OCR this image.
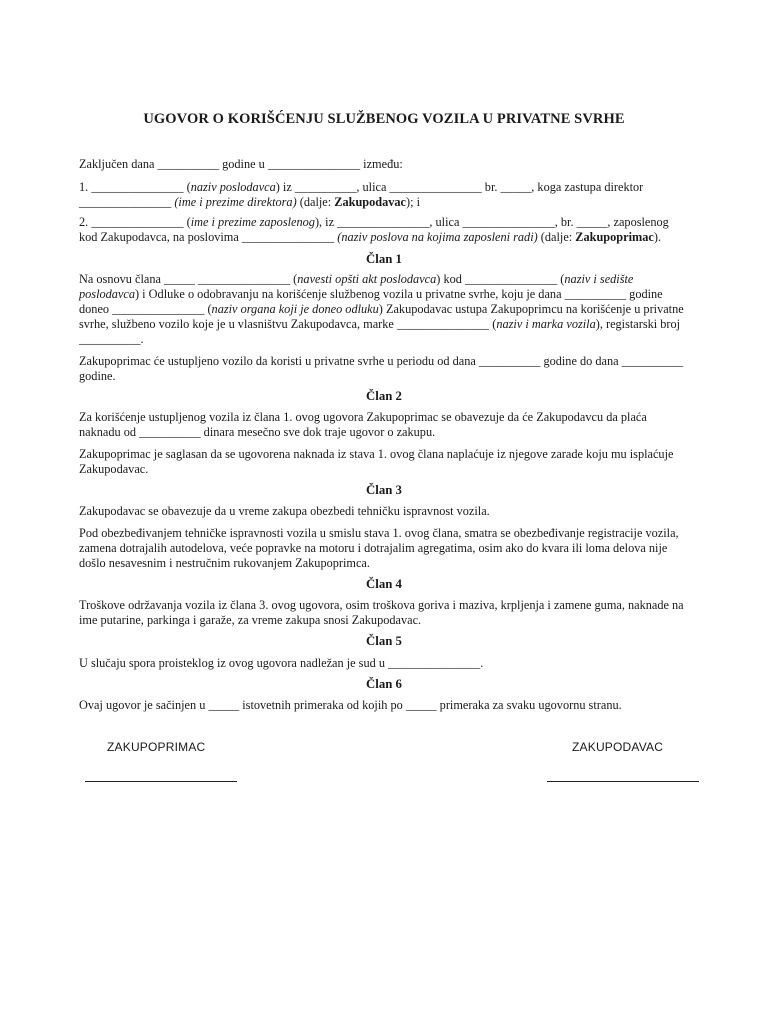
UGOVOR O KORIŠĆENJU SLUŽBENOG VOZILA U PRIVATNE SVRHE
Zaključen dana __________ godine u _______________ između:
1. _______________ (naziv poslodavca) iz __________, ulica _______________ br. _____, koga zastupa direktor
_______________ (ime i prezime direktora) (dalje: Zakupodavac); i
2. _______________ (ime i prezime zaposlenog), iz _______________, ulica _______________, br. _____, zaposlenog
kod Zakupodavca, na poslovima _______________ (naziv poslova na kojima zaposleni radi) (dalje: Zakupoprimac).
Član 1
Na osnovu člana _____ _______________ (navesti opšti akt poslodavca) kod _______________ (naziv i sedište
poslodavca) i Odluke o odobravanju na korišćenje službenog vozila u privatne svrhe, koju je dana __________ godine
doneo _______________ (naziv organa koji je doneo odluku) Zakupodavac ustupa Zakupoprimcu na korišćenje u privatne
svrhe, službeno vozilo koje je u vlasništvu Zakupodavca, marke _______________ (naziv i marka vozila), registarski broj
__________.
Zakupoprimac će ustupljeno vozilo da koristi u privatne svrhe u periodu od dana __________ godine do dana __________
godine.
Član 2
Za korišćenje ustupljenog vozila iz člana 1. ovog ugovora Zakupoprimac se obavezuje da će Zakupodavcu da plaća
naknadu od __________ dinara mesečno sve dok traje ugovor o zakupu.
Zakupoprimac je saglasan da se ugovorena naknada iz stava 1. ovog člana naplaćuje iz njegove zarade koju mu isplaćuje
Zakupodavac.
Član 3
Zakupodavac se obavezuje da u vreme zakupa obezbedi tehničku ispravnost vozila.
Pod obezbeđivanjem tehničke ispravnosti vozila u smislu stava 1. ovog člana, smatra se obezbeđivanje registracije vozila,
zamena dotrajalih autodelova, veće popravke na motoru i dotrajalim agregatima, osim ako do kvara ili loma delova nije
došlo nesavesnim i nestručnim rukovanjem Zakupoprimca.
Član 4
Troškove održavanja vozila iz člana 3. ovog ugovora, osim troškova goriva i maziva, krpljenja i zamene guma, naknade na
ime putarine, parkinga i garaže, za vreme zakupa snosi Zakupodavac.
Član 5
U slučaju spora proisteklog iz ovog ugovora nadležan je sud u _______________.
Član 6
Ovaj ugovor je sačinjen u _____ istovetnih primeraka od kojih po _____ primeraka za svaku ugovornu stranu.
ZAKUPOPRIMAC	ZAKUPODAVAC
